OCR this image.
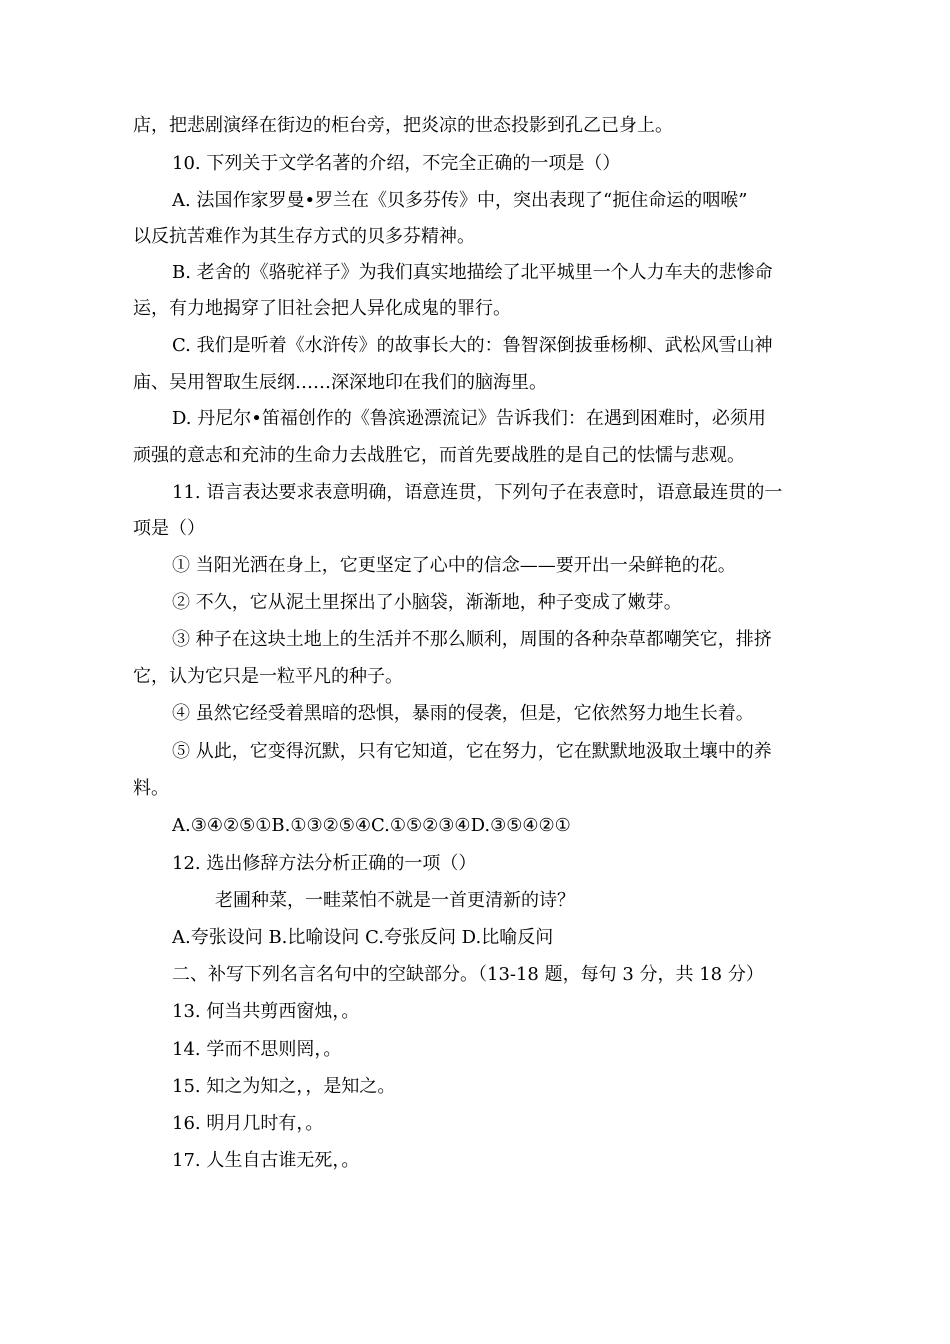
店，把悲剧演绎在街边的柜台旁，把炎凉的世态投影到孔乙已身上。
10. 下列关于文学名著的介绍，不完全正确的一项是（）
A. 法国作家罗曼•罗兰在《贝多芬传》中，突出表现了“扼住命运的咽喉”
以反抗苦难作为其生存方式的贝多芬精神。
B. 老舍的《骆驼祥子》为我们真实地描绘了北平城里一个人力车夫的悲惨命
运，有力地揭穿了旧社会把人异化成鬼的罪行。
C. 我们是听着《水浒传》的故事长大的：鲁智深倒拔垂杨柳、武松风雪山神
庙、吴用智取生辰纲……深深地印在我们的脑海里。
D. 丹尼尔•笛福创作的《鲁滨逊漂流记》告诉我们：在遇到困难时，必须用
顽强的意志和充沛的生命力去战胜它，而首先要战胜的是自己的怯懦与悲观。
11. 语言表达要求表意明确，语意连贯，下列句子在表意时，语意最连贯的一
项是（）
① 当阳光洒在身上，它更坚定了心中的信念——要开出一朵鲜艳的花。
② 不久，它从泥土里探出了小脑袋，渐渐地，种子变成了嫩芽。
③ 种子在这块土地上的生活并不那么顺利，周围的各种杂草都嘲笑它，排挤
它，认为它只是一粒平凡的种子。
④ 虽然它经受着黑暗的恐惧，暴雨的侵袭，但是，它依然努力地生长着。
⑤ 从此，它变得沉默，只有它知道，它在努力，它在默默地汲取土壤中的养
料。
A.③④②⑤①B.①③②⑤④C.①⑤②③④D.③⑤④②①
12. 选出修辞方法分析正确的一项（）
老圃种菜，一畦菜怕不就是一首更清新的诗？
A.夸张设问 B.比喻设问 C.夸张反问 D.比喻反问
二、补写下列名言名句中的空缺部分。（13-18 题，每句 3 分，共 18 分）
13. 何当共剪西窗烛，。
14. 学而不思则罔，。
15. 知之为知之，，是知之。
16. 明月几时有，。
17. 人生自古谁无死，。
